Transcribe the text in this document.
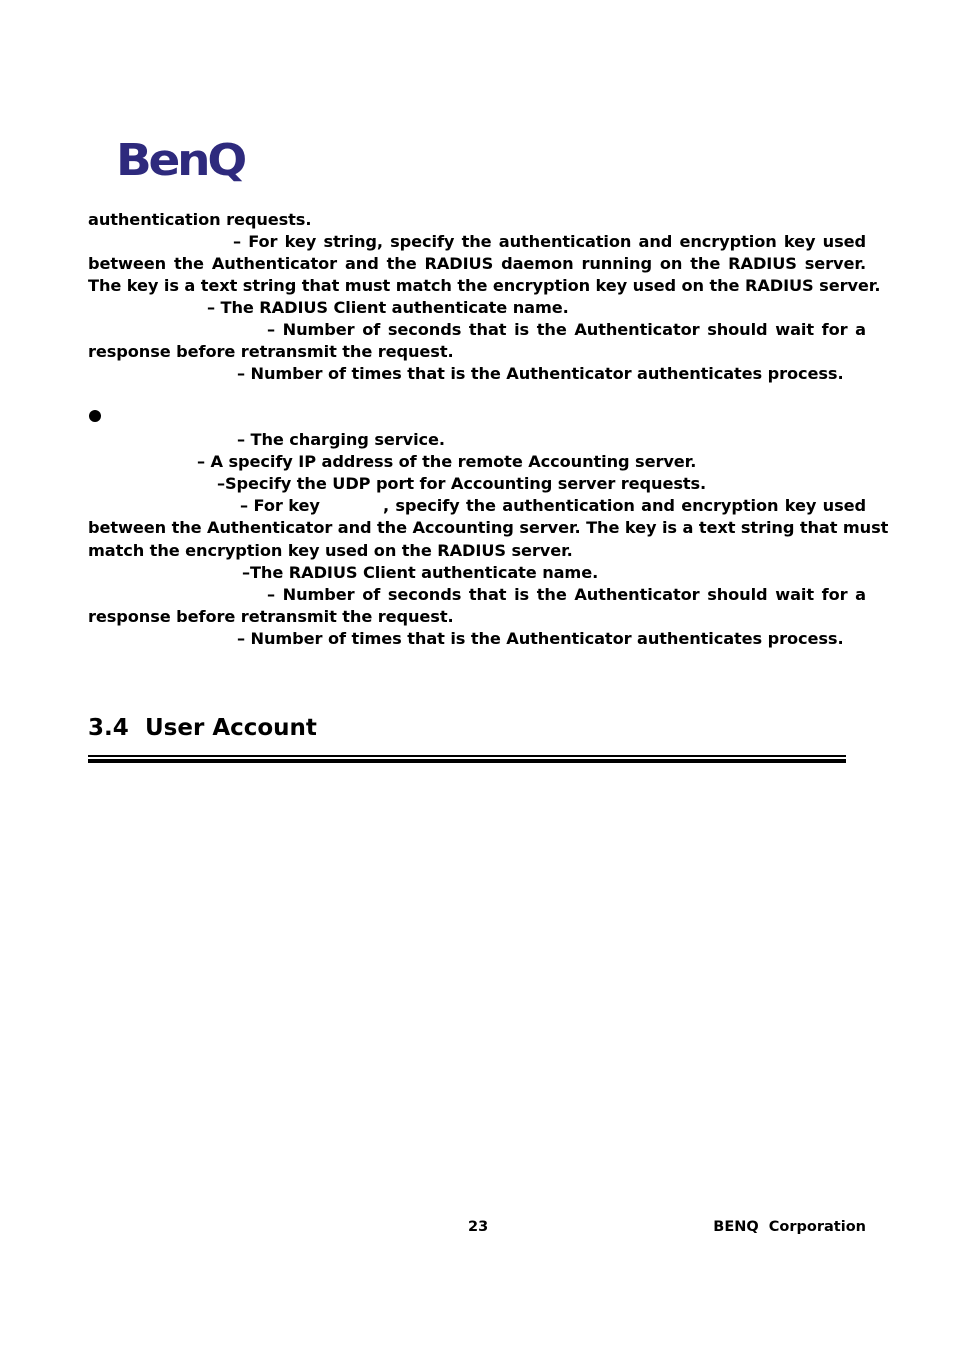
BenQ
authentication requests.
– For key string, specify the authentication and encryption key used
between the Authenticator and the RADIUS daemon running on the RADIUS server.
The key is a text string that must match the encryption key used on the RADIUS server.
– The RADIUS Client authenticate name.
– Number of seconds that is the Authenticator should wait for a
response before retransmit the request.
– Number of times that is the Authenticator authenticates process.
– The charging service.
– A specify IP address of the remote Accounting server.
–Specify the UDP port for Accounting server requests.
– For key	, specify the authentication and encryption key used
between the Authenticator and the Accounting server. The key is a text string that must
match the encryption key used on the RADIUS server.
–The RADIUS Client authenticate name.
– Number of seconds that is the Authenticator should wait for a
response before retransmit the request.
– Number of times that is the Authenticator authenticates process.
3.4 User Account
23	BENQ  Corporation
